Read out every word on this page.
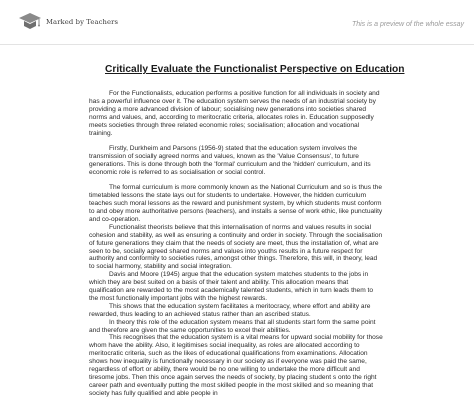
Marked by Teachers	This is a preview of the whole essay
Critically Evaluate the Functionalist Perspective on Education

For the Functionalists, education performs a positive function for all individuals in society and has a powerful influence over it. The education system serves the needs of an industrial society by providing a more advanced division of labour; socialising new generations into societies shared norms and values, and, according to meritocratic criteria, allocates roles in. Education supposedly meets societies through three related economic roles; socialisation; allocation and vocational training.

Firstly, Durkheim and Parsons (1956-9) stated that the education system involves the transmission of socially agreed norms and values, known as the 'Value Consensus', to future generations. This is done through both the 'formal' curriculum and the 'hidden' curriculum, and its economic role is referred to as socialisation or social control.

The formal curriculum is more commonly known as the National Curriculum and so is thus the timetabled lessons the state lays out for students to undertake. However, the hidden curriculum teaches such moral lessons as the reward and punishment system, by which students must conform to and obey more authoritative persons (teachers), and installs a sense of work ethic, like punctuality and co-operation.

Functionalist theorists believe that this internalisation of norms and values results in social cohesion and stability, as well as ensuring a continuity and order in society. Through the socialisation of future generations they claim that the needs of society are meet, thus the installation of, what are seen to be, socially agreed shared norms and values into youths results in a future respect for authority and conformity to societies rules, amongst other things. Therefore, this will, in theory, lead to social harmony, stability and social integration.

Davis and Moore (1945) argue that the education system matches students to the jobs in which they are best suited on a basis of their talent and ability. This allocation means that qualification are rewarded to the most academically talented students, which in turn leads them to the most functionally important jobs with the highest rewards.

This shows that the education system facilitates a meritocracy, where effort and ability are rewarded, thus leading to an achieved status rather than an ascribed status.

In theory this role of the education system means that all students start form the same point and therefore are given the same opportunities to excel their abilities.

This recognises that the education system is a vital means for upward social mobility for those whom have the ability. Also, it legitimises social inequality, as roles are allocated according to meritocratic criteria, such as the likes of educational qualifications from examinations. Allocation shows how inequality is functionally necessary in our society as if everyone was paid the same, regardless of effort or ability, there would be no one willing to undertake the more difficult and tiresome jobs. Then this once again serves the needs of society, by placing student s onto the right career path and eventually putting the most skilled people in the most skilled and so meaning that society has fully qualified and able people in
